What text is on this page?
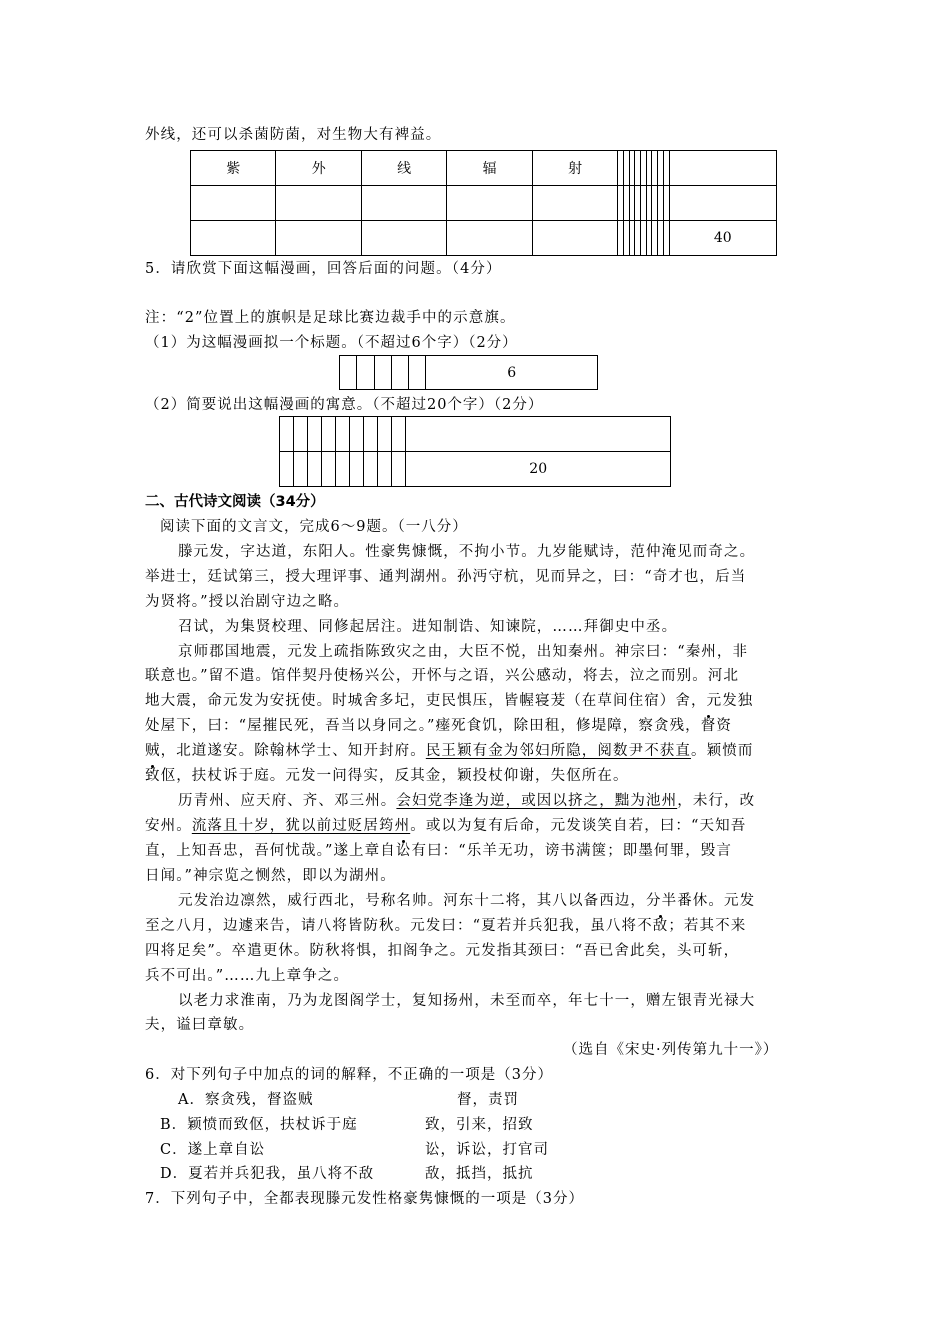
外线，还可以杀菌防菌，对生物大有裨益。
紫	外	线	辐	射										

														40
5．请欣赏下面这幅漫画，回答后面的问题。（4分）
注：“2”位置上的旗帜是足球比赛边裁手中的示意旗。
（1）为这幅漫画拟一个标题。（不超过6个字）（2分）
					6
（2）简要说出这幅漫画的寓意。（不超过20个字）（2分）

									20
二、古代诗文阅读（34分）
阅读下面的文言文，完成6～9题。（一八分）
滕元发，字达道，东阳人。性豪隽慷慨，不拘小节。九岁能赋诗，范仲淹见而奇之。
举进士，廷试第三，授大理评事、通判湖州。孙沔守杭，见而异之，曰：“奇才也，后当
为贤将。”授以治剧守边之略。
召试，为集贤校理、同修起居注。进知制诰、知谏院，……拜御史中丞。
京师郡国地震，元发上疏指陈致灾之由，大臣不悦，出知秦州。神宗曰：“秦州，非
联意也。”留不遣。馆伴契丹使杨兴公，开怀与之语，兴公感动，将去，泣之而别。河北
地大震，命元发为安抚使。时城舍多圮，吏民惧压，皆幄寝茇（在草间住宿）舍，元发独
处屋下，曰：“屋摧民死，吾当以身同之。”瘗死食饥，除田租，修堤障，察贪残，督资
贼，北道遂安。除翰林学士、知开封府。民王颖有金为邻妇所隐，阅数尹不获直。颖愤而
致伛，扶杖诉于庭。元发一问得实，反其金，颖投杖仰谢，失伛所在。
历青州、应天府、齐、邓三州。会妇党李逢为逆，或因以挤之，黜为池州，未行，改
安州。流落且十岁，犹以前过贬居筠州。或以为复有后命，元发谈笑自若，曰：“天知吾
直，上知吾忠，吾何忧哉。”遂上章自讼有曰：“乐羊无功，谤书满箧；即墨何罪，毁言
日闻。”神宗览之恻然，即以为湖州。
元发治边凛然，威行西北，号称名帅。河东十二将，其八以备西边，分半番休。元发
至之八月，边遽来告，请八将皆防秋。元发曰：“夏若并兵犯我，虽八将不敌；若其不来
四将足矣”。卒遣更休。防秋将惧，扣阁争之。元发指其颈曰：“吾已舍此矣，头可斩，
兵不可出。”……九上章争之。
以老力求淮南，乃为龙图阁学士，复知扬州，未至而卒，年七十一，赠左银青光禄大
夫，谥曰章敏。
（选自《宋史·列传第九十一》）
6．对下列句子中加点的词的解释，不正确的一项是（3分）
A．察贪残，督盗贼	督，责罚
B．颖愤而致伛，扶杖诉于庭	致，引来，招致
C．遂上章自讼	讼，诉讼，打官司
D．夏若并兵犯我，虽八将不敌	敌，抵挡，抵抗
7．下列句子中，全都表现滕元发性格豪隽慷慨的一项是（3分）
